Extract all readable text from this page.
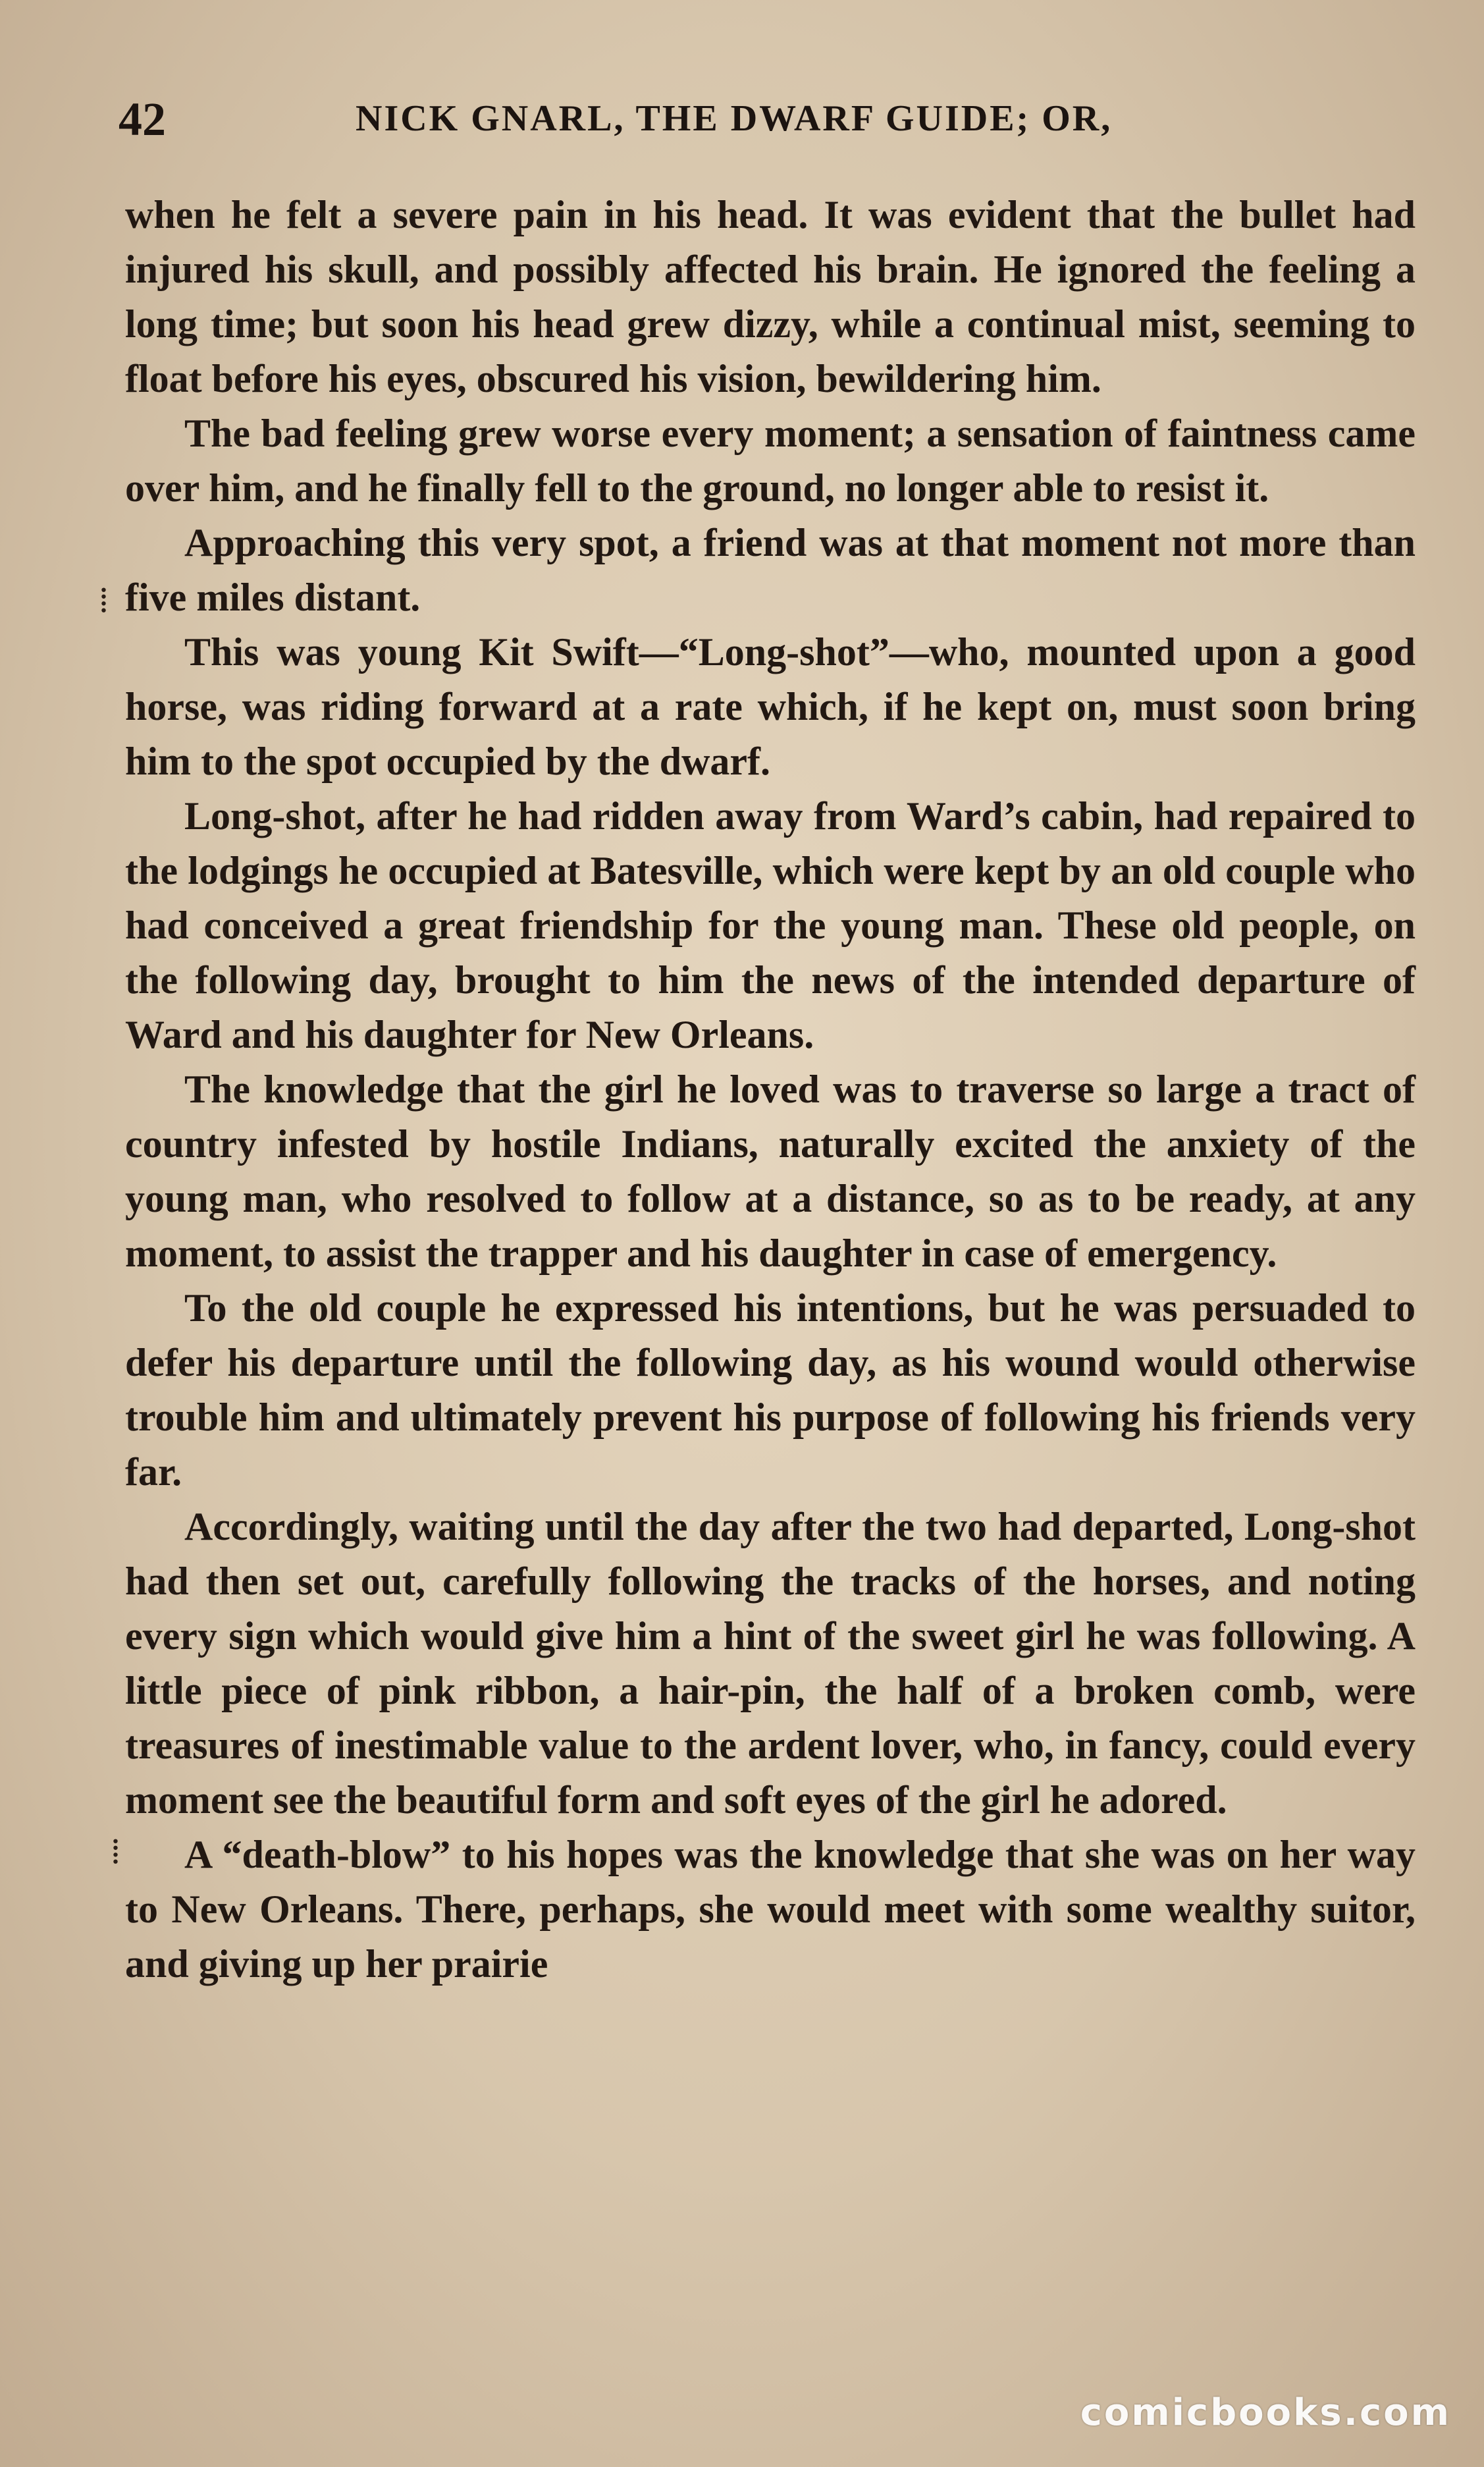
42	NICK GNARL, THE DWARF GUIDE; OR,

when he felt a severe pain in his head. It was evident that the bullet had injured his skull, and possibly affected his brain. He ignored the feeling a long time; but soon his head grew dizzy, while a continual mist, seeming to float before his eyes, obscured his vision, bewildering him.

The bad feeling grew worse every moment; a sensation of faintness came over him, and he finally fell to the ground, no longer able to resist it.

Approaching this very spot, a friend was at that moment not more than five miles distant.

This was young Kit Swift—“Long-shot”—who, mounted upon a good horse, was riding forward at a rate which, if he kept on, must soon bring him to the spot occupied by the dwarf.

Long-shot, after he had ridden away from Ward’s cabin, had repaired to the lodgings he occupied at Batesville, which were kept by an old couple who had conceived a great friendship for the young man. These old people, on the following day, brought to him the news of the intended departure of Ward and his daughter for New Orleans.

The knowledge that the girl he loved was to traverse so large a tract of country infested by hostile Indians, naturally excited the anxiety of the young man, who resolved to follow at a distance, so as to be ready, at any moment, to assist the trapper and his daughter in case of emergency.

To the old couple he expressed his intentions, but he was persuaded to defer his departure until the following day, as his wound would otherwise trouble him and ultimately prevent his purpose of following his friends very far.

Accordingly, waiting until the day after the two had departed, Long-shot had then set out, carefully following the tracks of the horses, and noting every sign which would give him a hint of the sweet girl he was following. A little piece of pink ribbon, a hair-pin, the half of a broken comb, were treasures of inestimable value to the ardent lover, who, in fancy, could every moment see the beautiful form and soft eyes of the girl he adored.

A “death-blow” to his hopes was the knowledge that she was on her way to New Orleans. There, perhaps, she would meet with some wealthy suitor, and giving up her prairie

⁞
⁞
comicbooks.com
